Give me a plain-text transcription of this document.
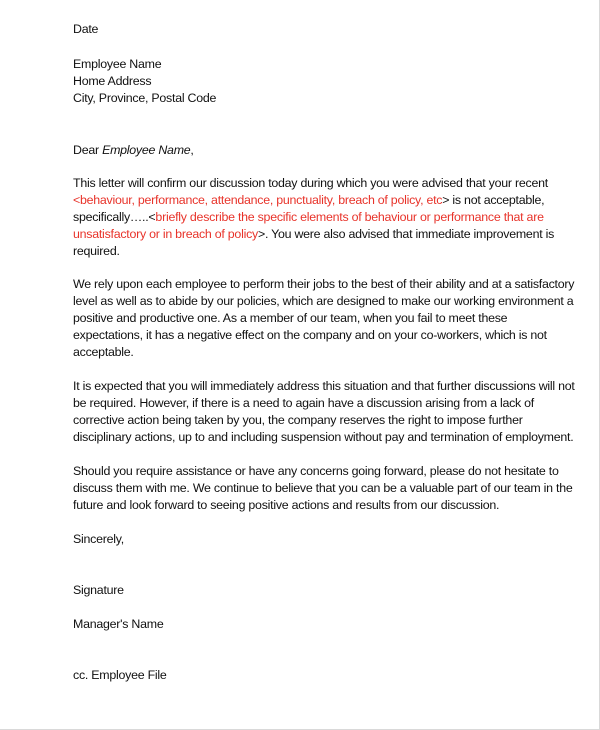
Date

Employee Name
Home Address
City, Province, Postal Code

Dear Employee Name,

This letter will confirm our discussion today during which you were advised that your recent
<behaviour, performance, attendance, punctuality, breach of policy, etc> is not acceptable,
specifically…..<briefly describe the specific elements of behaviour or performance that are
unsatisfactory or in breach of policy>. You were also advised that immediate improvement is
required.

We rely upon each employee to perform their jobs to the best of their ability and at a satisfactory
level as well as to abide by our policies, which are designed to make our working environment a
positive and productive one. As a member of our team, when you fail to meet these
expectations, it has a negative effect on the company and on your co-workers, which is not
acceptable.

It is expected that you will immediately address this situation and that further discussions will not
be required. However, if there is a need to again have a discussion arising from a lack of
corrective action being taken by you, the company reserves the right to impose further
disciplinary actions, up to and including suspension without pay and termination of employment.

Should you require assistance or have any concerns going forward, please do not hesitate to
discuss them with me. We continue to believe that you can be a valuable part of our team in the
future and look forward to seeing positive actions and results from our discussion.

Sincerely,

Signature

Manager's Name

cc. Employee File
